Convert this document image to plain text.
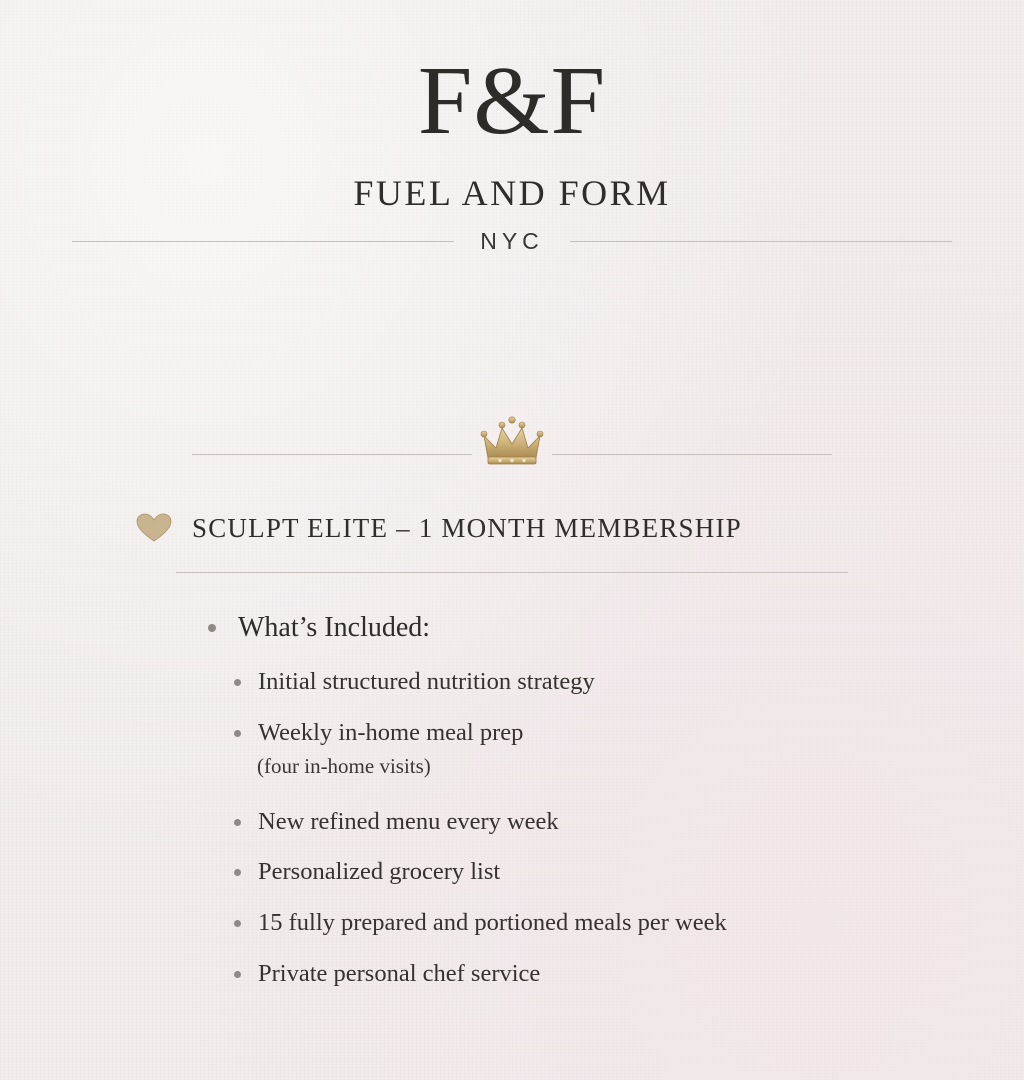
F&F
FUEL AND FORM
NYC
SCULPT ELITE – 1 MONTH MEMBERSHIP
What’s Included:
Initial structured nutrition strategy
Weekly in-home meal prep
(four in-home visits)
New refined menu every week
Personalized grocery list
15 fully prepared and portioned meals per week
Private personal chef service
